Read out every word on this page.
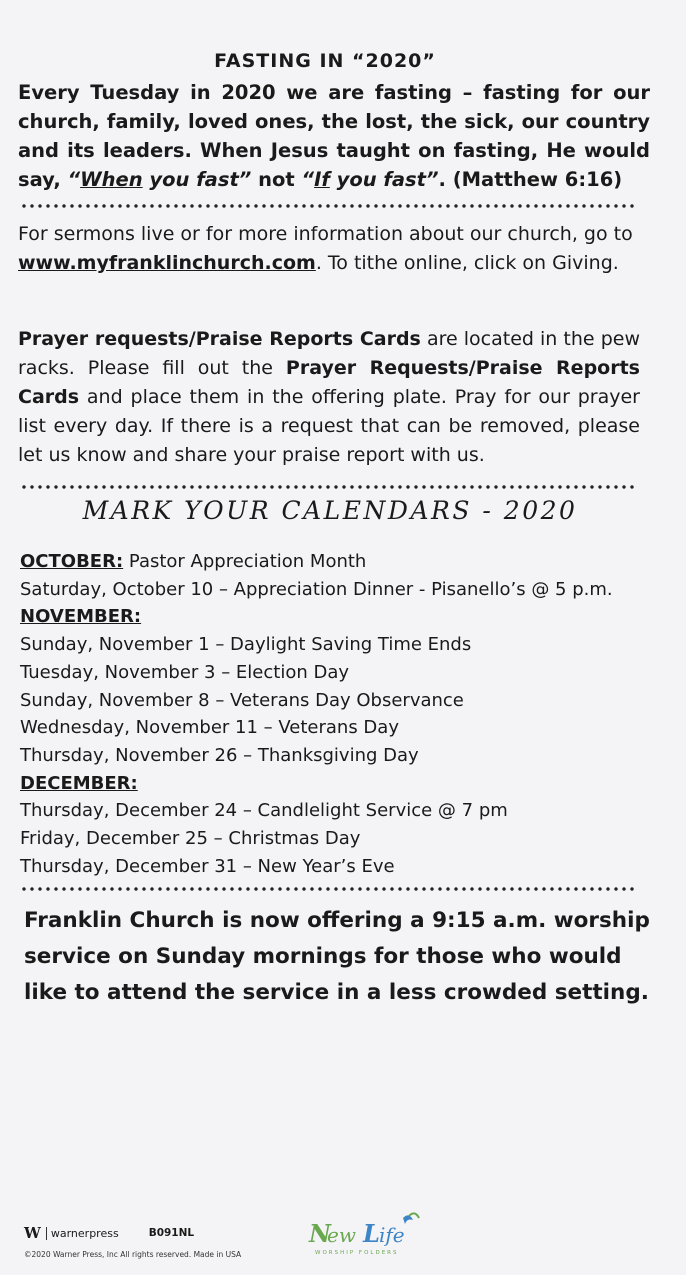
FASTING IN “2020”
Every Tuesday in 2020 we are fasting – fasting for our church, family, loved ones, the lost, the sick, our country and its leaders. When Jesus taught on fasting, He would say, “When you fast” not “If you fast”. (Matthew 6:16)
For sermons live or for more information about our church, go to www.myfranklinchurch.com. To tithe online, click on Giving.
Prayer requests/Praise Reports Cards are located in the pew racks. Please fill out the Prayer Requests/Praise Reports Cards and place them in the offering plate. Pray for our prayer list every day. If there is a request that can be removed, please let us know and share your praise report with us.
MARK YOUR CALENDARS - 2020
OCTOBER: Pastor Appreciation Month
Saturday, October 10 – Appreciation Dinner - Pisanello’s @ 5 p.m.
NOVEMBER:
Sunday, November 1 – Daylight Saving Time Ends
Tuesday, November 3 – Election Day
Sunday, November 8 – Veterans Day Observance
Wednesday, November 11 – Veterans Day
Thursday, November 26 – Thanksgiving Day
DECEMBER:
Thursday, December 24 – Candlelight Service @ 7 pm
Friday, December 25 – Christmas Day
Thursday, December 31 – New Year’s Eve
Franklin Church is now offering a 9:15 a.m. worship service on Sunday mornings for those who would like to attend the service in a less crowded setting.
W warnerpress	B091NL
©2020 Warner Press, Inc All rights reserved. Made in USA
N
ew L ife
WORSHIP FOLDERS
